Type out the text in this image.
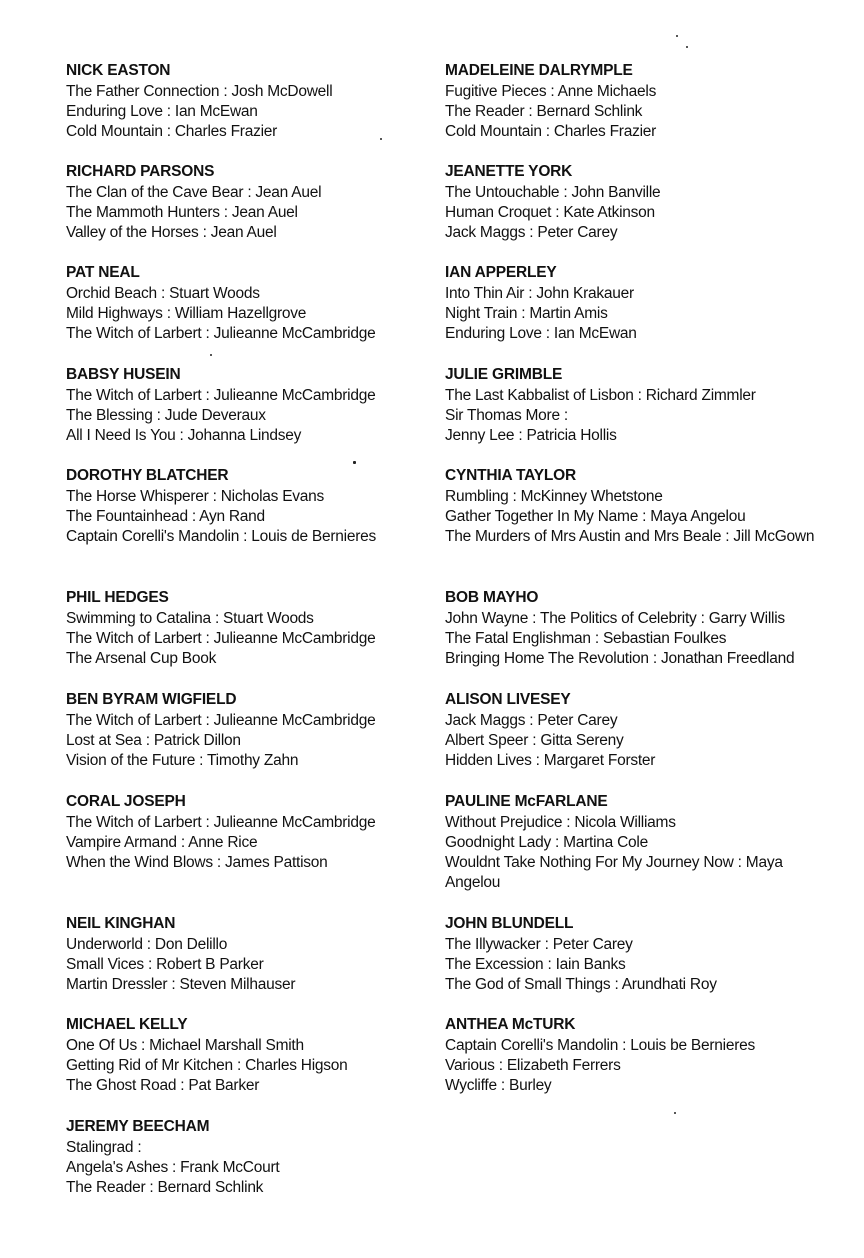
NICK EASTON
The Father Connection : Josh McDowell
Enduring Love : Ian McEwan
Cold Mountain : Charles Frazier
RICHARD PARSONS
The Clan of the Cave Bear : Jean Auel
The Mammoth Hunters : Jean Auel
Valley of the Horses : Jean Auel
PAT NEAL
Orchid Beach : Stuart Woods
Mild Highways : William Hazellgrove
The Witch of Larbert : Julieanne McCambridge
BABSY HUSEIN
The Witch of Larbert : Julieanne McCambridge
The Blessing : Jude Deveraux
All I Need Is You : Johanna Lindsey
DOROTHY BLATCHER
The Horse Whisperer : Nicholas Evans
The Fountainhead : Ayn Rand
Captain Corelli's Mandolin : Louis de Bernieres
PHIL HEDGES
Swimming to Catalina : Stuart Woods
The Witch of Larbert : Julieanne McCambridge
The Arsenal Cup Book
BEN BYRAM WIGFIELD
The Witch of Larbert : Julieanne McCambridge
Lost at Sea : Patrick Dillon
Vision of the Future : Timothy Zahn
CORAL JOSEPH
The Witch of Larbert : Julieanne McCambridge
Vampire Armand : Anne Rice
When the Wind Blows : James Pattison
NEIL KINGHAN
Underworld : Don Delillo
Small Vices : Robert B Parker
Martin Dressler : Steven Milhauser
MICHAEL KELLY
One Of Us : Michael Marshall Smith
Getting Rid of Mr Kitchen : Charles Higson
The Ghost Road : Pat Barker
JEREMY BEECHAM
Stalingrad :
Angela's Ashes : Frank McCourt
The Reader : Bernard Schlink
MADELEINE DALRYMPLE
Fugitive Pieces : Anne Michaels
The Reader : Bernard Schlink
Cold Mountain : Charles Frazier
JEANETTE YORK
The Untouchable : John Banville
Human Croquet : Kate Atkinson
Jack Maggs : Peter Carey
IAN APPERLEY
Into Thin Air : John Krakauer
Night Train : Martin Amis
Enduring Love : Ian McEwan
JULIE GRIMBLE
The Last Kabbalist of Lisbon : Richard Zimmler
Sir Thomas More :
Jenny Lee : Patricia Hollis
CYNTHIA TAYLOR
Rumbling : McKinney Whetstone
Gather Together In My Name : Maya Angelou
The Murders of Mrs Austin and Mrs Beale : Jill McGown
BOB MAYHO
John Wayne : The Politics of Celebrity : Garry Willis
The Fatal Englishman : Sebastian Foulkes
Bringing Home The Revolution : Jonathan Freedland
ALISON LIVESEY
Jack Maggs : Peter Carey
Albert Speer : Gitta Sereny
Hidden Lives : Margaret Forster
PAULINE McFARLANE
Without Prejudice : Nicola Williams
Goodnight Lady : Martina Cole
Wouldnt Take Nothing For My Journey Now : Maya Angelou
JOHN BLUNDELL
The Illywacker : Peter Carey
The Excession : Iain Banks
The God of Small Things : Arundhati Roy
ANTHEA McTURK
Captain Corelli's Mandolin : Louis be Bernieres
Various : Elizabeth Ferrers
Wycliffe : Burley
